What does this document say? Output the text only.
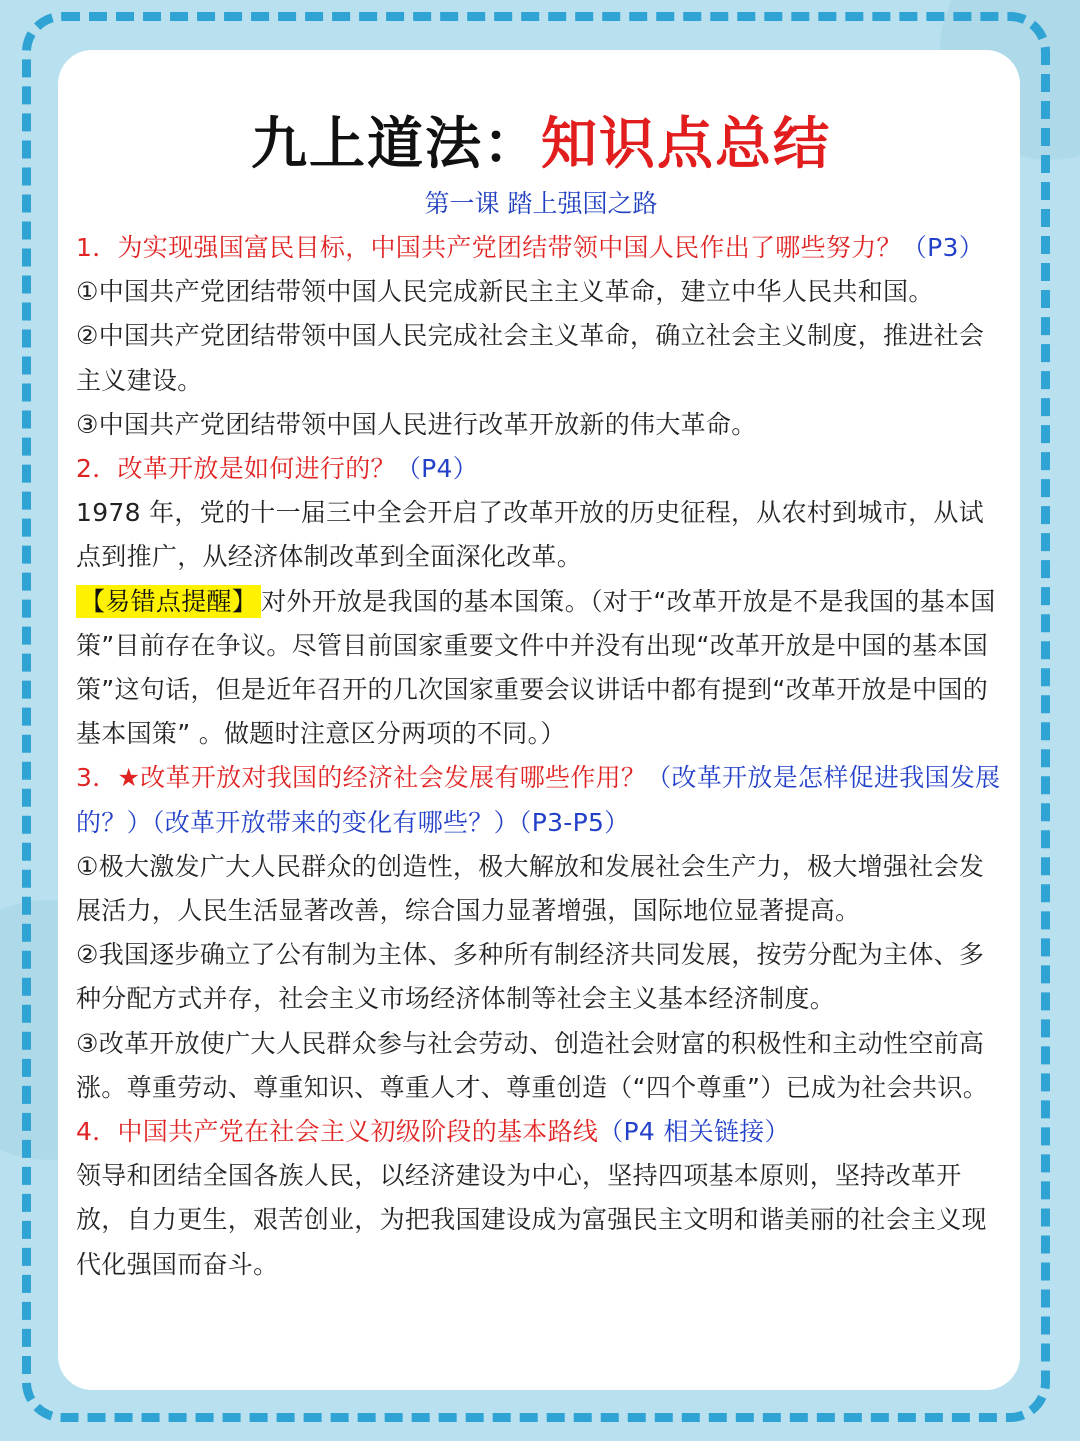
九上道法：知识点总结

第一课 踏上强国之路

1．为实现强国富民目标，中国共产党团结带领中国人民作出了哪些努力？（P3）

①中国共产党团结带领中国人民完成新民主主义革命，建立中华人民共和国。

②中国共产党团结带领中国人民完成社会主义革命，确立社会主义制度，推进社会主义建设。

③中国共产党团结带领中国人民进行改革开放新的伟大革命。

2．改革开放是如何进行的？（P4）

1978 年，党的十一届三中全会开启了改革开放的历史征程，从农村到城市，从试点到推广，从经济体制改革到全面深化改革。

【易错点提醒】 对外开放是我国的基本国策。（对于“改革开放是不是我国的基本国策”目前存在争议。尽管目前国家重要文件中并没有出现“改革开放是中国的基本国策”这句话，但是近年召开的几次国家重要会议讲话中都有提到“改革开放是中国的基本国策” 。做题时注意区分两项的不同。）

3．★改革开放对我国的经济社会发展有哪些作用？（改革开放是怎样促进我国发展的？）（改革开放带来的变化有哪些？）（P3-P5）

①极大激发广大人民群众的创造性，极大解放和发展社会生产力，极大增强社会发展活力，人民生活显著改善，综合国力显著增强，国际地位显著提高。

②我国逐步确立了公有制为主体、多种所有制经济共同发展，按劳分配为主体、多种分配方式并存，社会主义市场经济体制等社会主义基本经济制度。

③改革开放使广大人民群众参与社会劳动、创造社会财富的积极性和主动性空前高涨。尊重劳动、尊重知识、尊重人才、尊重创造（“四个尊重”）已成为社会共识。

4．中国共产党在社会主义初级阶段的基本路线（P4 相关链接）

领导和团结全国各族人民，以经济建设为中心，坚持四项基本原则，坚持改革开放，自力更生，艰苦创业，为把我国建设成为富强民主文明和谐美丽的社会主义现代化强国而奋斗。
